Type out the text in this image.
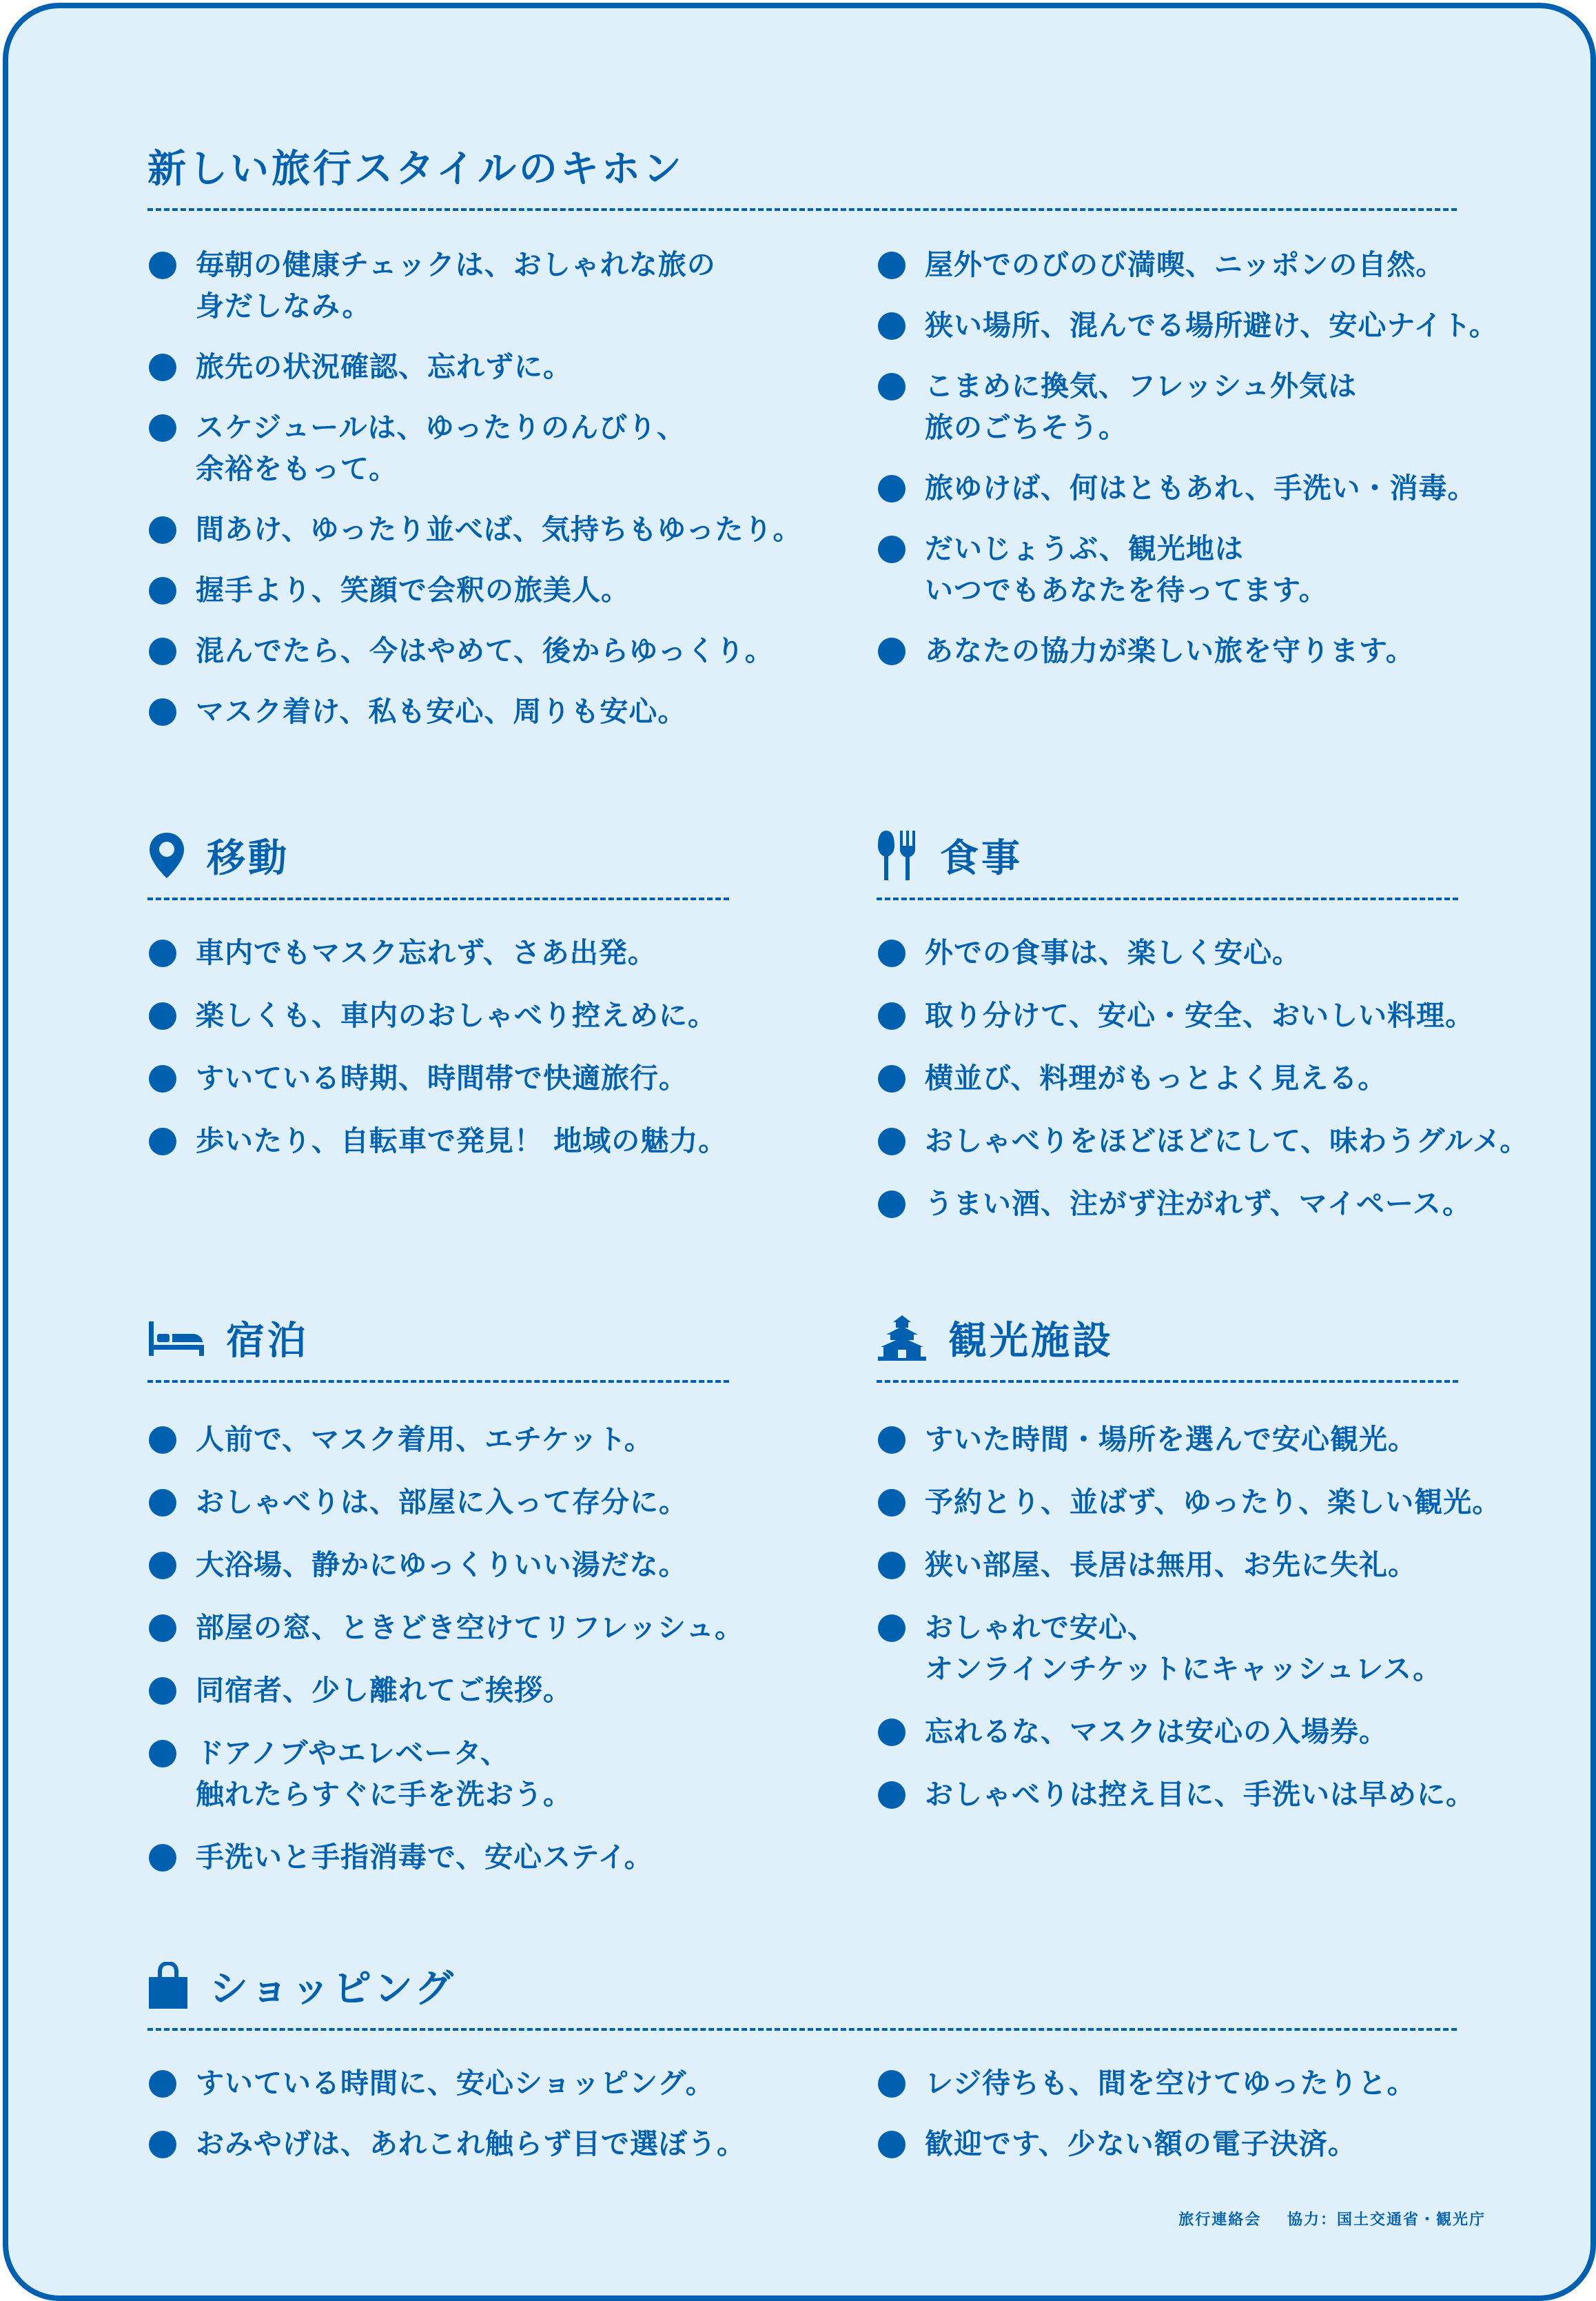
新しい旅行スタイルのキホン
毎朝の健康チェックは、おしゃれな旅の
身だしなみ。
旅先の状況確認、忘れずに。
スケジュールは、ゆったりのんびり、
余裕をもって。
間あけ、ゆったり並べば、気持ちもゆったり。
握手より、笑顔で会釈の旅美人。
混んでたら、今はやめて、後からゆっくり。
マスク着け、私も安心、周りも安心。
屋外でのびのび満喫、ニッポンの自然。
狭い場所、混んでる場所避け、安心ナイト。
こまめに換気、フレッシュ外気は
旅のごちそう。
旅ゆけば、何はともあれ、手洗い・消毒。
だいじょうぶ、観光地は
いつでもあなたを待ってます。
あなたの協力が楽しい旅を守ります。
移動
車内でもマスク忘れず、さあ出発。
楽しくも、車内のおしゃべり控えめに。
すいている時期、時間帯で快適旅行。
歩いたり、自転車で発見！ 地域の魅力。
食事
外での食事は、楽しく安心。
取り分けて、安心・安全、おいしい料理。
横並び、料理がもっとよく見える。
おしゃべりをほどほどにして、味わうグルメ。
うまい酒、注がず注がれず、マイペース。
宿泊
人前で、マスク着用、エチケット。
おしゃべりは、部屋に入って存分に。
大浴場、静かにゆっくりいい湯だな。
部屋の窓、ときどき空けてリフレッシュ。
同宿者、少し離れてご挨拶。
ドアノブやエレベータ、
触れたらすぐに手を洗おう。
手洗いと手指消毒で、安心ステイ。
観光施設
すいた時間・場所を選んで安心観光。
予約とり、並ばず、ゆったり、楽しい観光。
狭い部屋、長居は無用、お先に失礼。
おしゃれで安心、
オンラインチケットにキャッシュレス。
忘れるな、マスクは安心の入場券。
おしゃべりは控え目に、手洗いは早めに。
ショッピング
すいている時間に、安心ショッピング。
おみやげは、あれこれ触らず目で選ぼう。
レジ待ちも、間を空けてゆったりと。
歓迎です、少ない額の電子決済。
旅行連絡会 協力：国土交通省・観光庁
